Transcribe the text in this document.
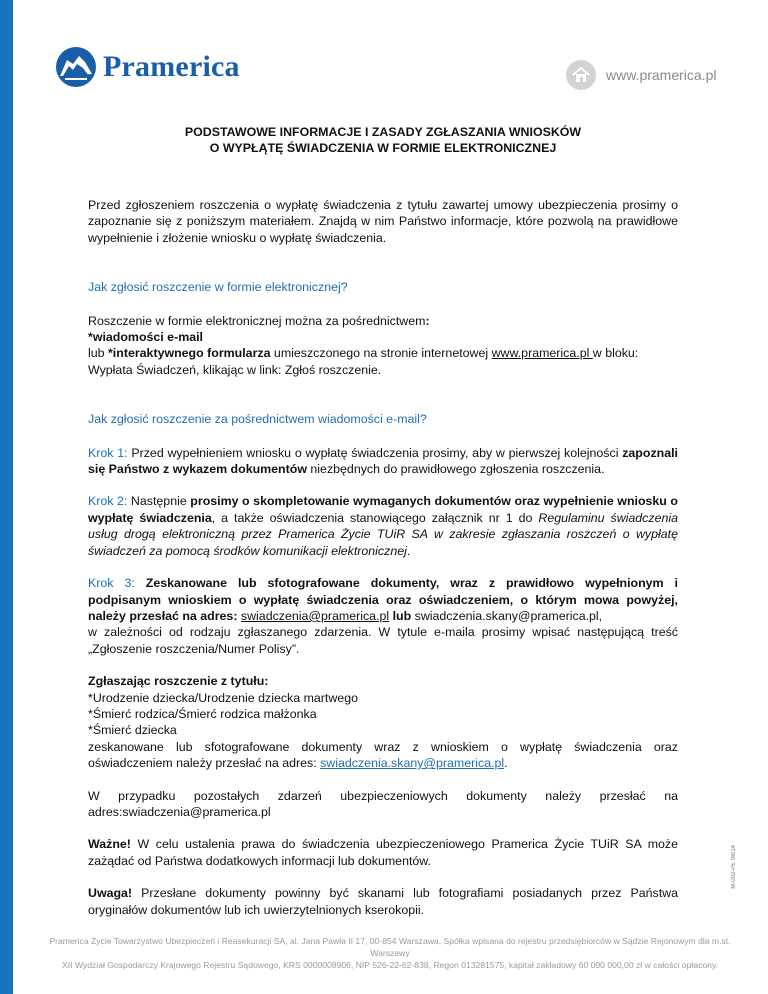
Pramerica	www.pramerica.pl
PODSTAWOWE INFORMACJE I ZASADY ZGŁASZANIA WNIOSKÓW
O WYPŁĄTĘ ŚWIADCZENIA W FORMIE ELEKTRONICZNEJ

Przed zgłoszeniem roszczenia o wypłatę świadczenia z tytułu zawartej umowy ubezpieczenia prosimy o zapoznanie się z poniższym materiałem. Znajdą w nim Państwo informacje, które pozwolą na prawidłowe wypełnienie i złożenie wniosku o wypłatę świadczenia.

Jak zgłosić roszczenie w formie elektronicznej?

Roszczenie w formie elektronicznej można za pośrednictwem:
*wiadomości e-mail
lub *interaktywnego formularza umieszczonego na stronie internetowej www.pramerica.pl w bloku: Wypłata Świadczeń, klikając w link: Zgłoś roszczenie.

Jak zgłosić roszczenie za pośrednictwem wiadomości e-mail?

Krok 1: Przed wypełnieniem wniosku o wypłatę świadczenia prosimy, aby w pierwszej kolejności zapoznali się Państwo z wykazem dokumentów niezbędnych do prawidłowego zgłoszenia roszczenia.

Krok 2: Następnie prosimy o skompletowanie wymaganych dokumentów oraz wypełnienie wniosku o wypłatę świadczenia, a także oświadczenia stanowiącego załącznik nr 1 do Regulaminu świadczenia usług drogą elektroniczną przez Pramerica Życie TUiR SA w zakresie zgłaszania roszczeń o wypłatę świadczeń za pomocą środków komunikacji elektronicznej.

Krok 3: Zeskanowane lub sfotografowane dokumenty, wraz z prawidłowo wypełnionym i podpisanym wnioskiem o wypłatę świadczenia oraz oświadczeniem, o którym mowa powyżej, należy przesłać na adres: swiadczenia@pramerica.pl lub swiadczenia.skany@pramerica.pl,
w zależności od rodzaju zgłaszanego zdarzenia. W tytule e-maila prosimy wpisać następującą treść „Zgłoszenie roszczenia/Numer Polisy”.

Zgłaszając roszczenie z tytułu:
*Urodzenie dziecka/Urodzenie dziecka martwego
*Śmierć rodzica/Śmierć rodzica małżonka
*Śmierć dziecka

zeskanowane lub sfotografowane dokumenty wraz z wnioskiem o wypłatę świadczenia oraz oświadczeniem należy przesłać na adres: swiadczenia.skany@pramerica.pl.

W przypadku pozostałych zdarzeń ubezpieczeniowych dokumenty należy przesłać na adres:swiadczenia@pramerica.pl

Ważne! W celu ustalenia prawa do świadczenia ubezpieczeniowego Pramerica Życie TUiR SA może zażądać od Państwa dodatkowych informacji lub dokumentów.

Uwaga! Przesłane dokumenty powinny być skanami lub fotografiami posiadanych przez Państwa oryginałów dokumentów lub ich uwierzytelnionych kserokopii.

M-002-PE 08/14
Pramerica Życie Towarzystwo Ubezpieczeń i Reasekuracji SA, al. Jana Pawła II 17, 00-854 Warszawa, Spółka wpisana do rejestru przedsiębiorców w Sądzie Rejonowym dla m.st. Warszawy
XII Wydział Gospodarczy Krajowego Rejestru Sądowego, KRS 0000008906, NIP 526-22-62-838, Regon 013281575, kapitał zakładowy 60 000 000,00 zł w całości opłacony.
